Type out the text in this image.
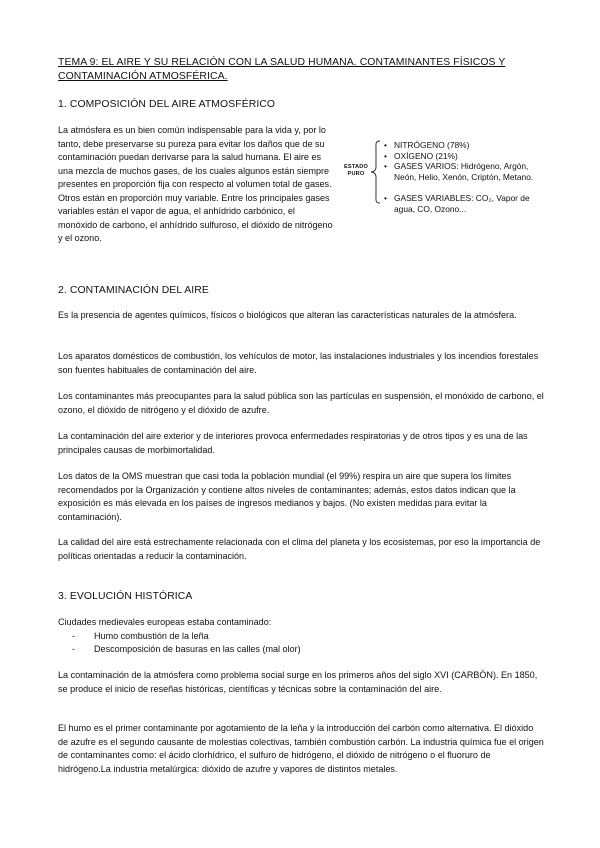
TEMA 9: EL AIRE Y SU RELACIÓN CON LA SALUD HUMANA. CONTAMINANTES FÍSICOS Y CONTAMINACIÓN ATMOSFÉRICA.
1. COMPOSICIÓN DEL AIRE ATMOSFÉRICO
La atmósfera es un bien común indispensable para la vida y, por lo tanto, debe preservarse su pureza para evitar los daños que de su contaminación puedan derivarse para la salud humana. El aire es una mezcla de muchos gases, de los cuales algunos están siempre presentes en proporción fija con respecto al volumen total de gases. Otros están en proporción muy variable. Entre los principales gases variables están el vapor de agua, el anhídrido carbónico, el monóxido de carbono, el anhídrido sulfuroso, el dióxido de nitrógeno y el ozono.
ESTADO PURO
• NITRÓGENO (78%)
• OXÍGENO (21%)
• GASES VARIOS: Hidrógeno, Argón, Neón, Helio, Xenón, Criptón, Metano.
• GASES VARIABLES: CO₂, Vapor de agua, CO, Ozono...
2. CONTAMINACIÓN DEL AIRE
Es la presencia de agentes químicos, físicos o biológicos que alteran las características naturales de la atmósfera.
Los aparatos domésticos de combustión, los vehículos de motor, las instalaciones industriales y los incendios forestales son fuentes habituales de contaminación del aire.
Los contaminantes más preocupantes para la salud pública son las partículas en suspensión, el monóxido de carbono, el ozono, el dióxido de nitrógeno y el dióxido de azufre.
La contaminación del aire exterior y de interiores provoca enfermedades respiratorias y de otros tipos y es una de las principales causas de morbimortalidad.
Los datos de la OMS muestran que casi toda la población mundial (el 99%) respira un aire que supera los límites recomendados por la Organización y contiene altos niveles de contaminantes; además, estos datos indican que la exposición es más elevada en los países de ingresos medianos y bajos. (No existen medidas para evitar la contaminación).
La calidad del aire está estrechamente relacionada con el clima del planeta y los ecosistemas, por eso la importancia de políticas orientadas a reducir la contaminación.
3. EVOLUCIÓN HISTÓRICA
Ciudades medievales europeas estaba contaminado:
- Humo combustión de la leña
- Descomposición de basuras en las calles (mal olor)
La contaminación de la atmósfera como problema social surge en los primeros años del siglo XVI (CARBÓN). En 1850, se produce el inicio de reseñas históricas, científicas y técnicas sobre la contaminación del aire.
El humo es el primer contaminante por agotamiento de la leña y la introducción del carbón como alternativa. El dióxido de azufre es el segundo causante de molestias colectivas, también combustión carbón. La industria química fue el origen de contaminantes como: el ácido clorhídrico, el sulfuro de hidrógeno, el dióxido de nitrógeno o el fluoruro de hidrógeno.La industria metalúrgica: dióxido de azufre y vapores de distintos metales.
